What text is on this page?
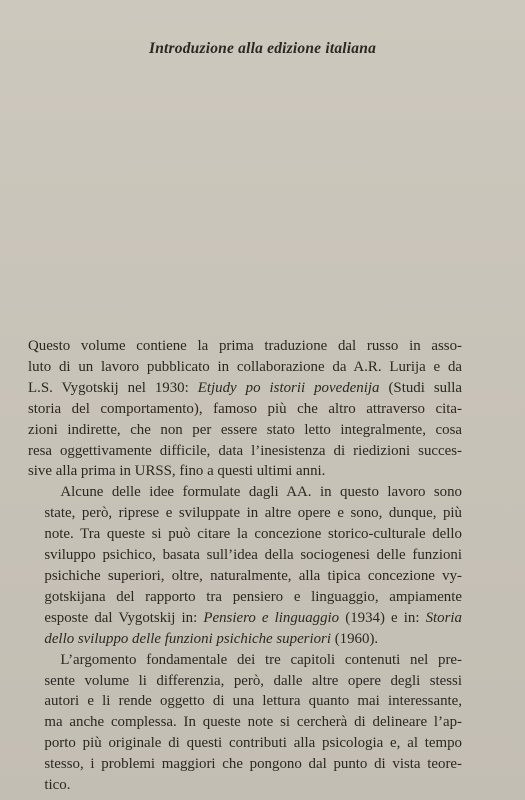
Introduzione alla edizione italiana

Questo volume contiene la prima traduzione dal russo in asso-
luto di un lavoro pubblicato in collaborazione da A.R. Lurija e da
L.S. Vygotskij nel 1930: Etjudy po istorii povedenija (Studi sulla
storia del comportamento), famoso più che altro attraverso cita-
zioni indirette, che non per essere stato letto integralmente, cosa
resa oggettivamente difficile, data l’inesistenza di riedizioni succes-
sive alla prima in URSS, fino a questi ultimi anni.

Alcune delle idee formulate dagli AA. in questo lavoro sono
state, però, riprese e sviluppate in altre opere e sono, dunque, più
note. Tra queste si può citare la concezione storico-culturale dello
sviluppo psichico, basata sull’idea della sociogenesi delle funzioni
psichiche superiori, oltre, naturalmente, alla tipica concezione vy-
gotskijana del rapporto tra pensiero e linguaggio, ampiamente
esposte dal Vygotskij in: Pensiero e linguaggio (1934) e in: Storia
dello sviluppo delle funzioni psichiche superiori (1960).

L’argomento fondamentale dei tre capitoli contenuti nel pre-
sente volume li differenzia, però, dalle altre opere degli stessi
autori e li rende oggetto di una lettura quanto mai interessante,
ma anche complessa. In queste note si cercherà di delineare l’ap-
porto più originale di questi contributi alla psicologia e, al tempo
stesso, i problemi maggiori che pongono dal punto di vista teore-
tico.
